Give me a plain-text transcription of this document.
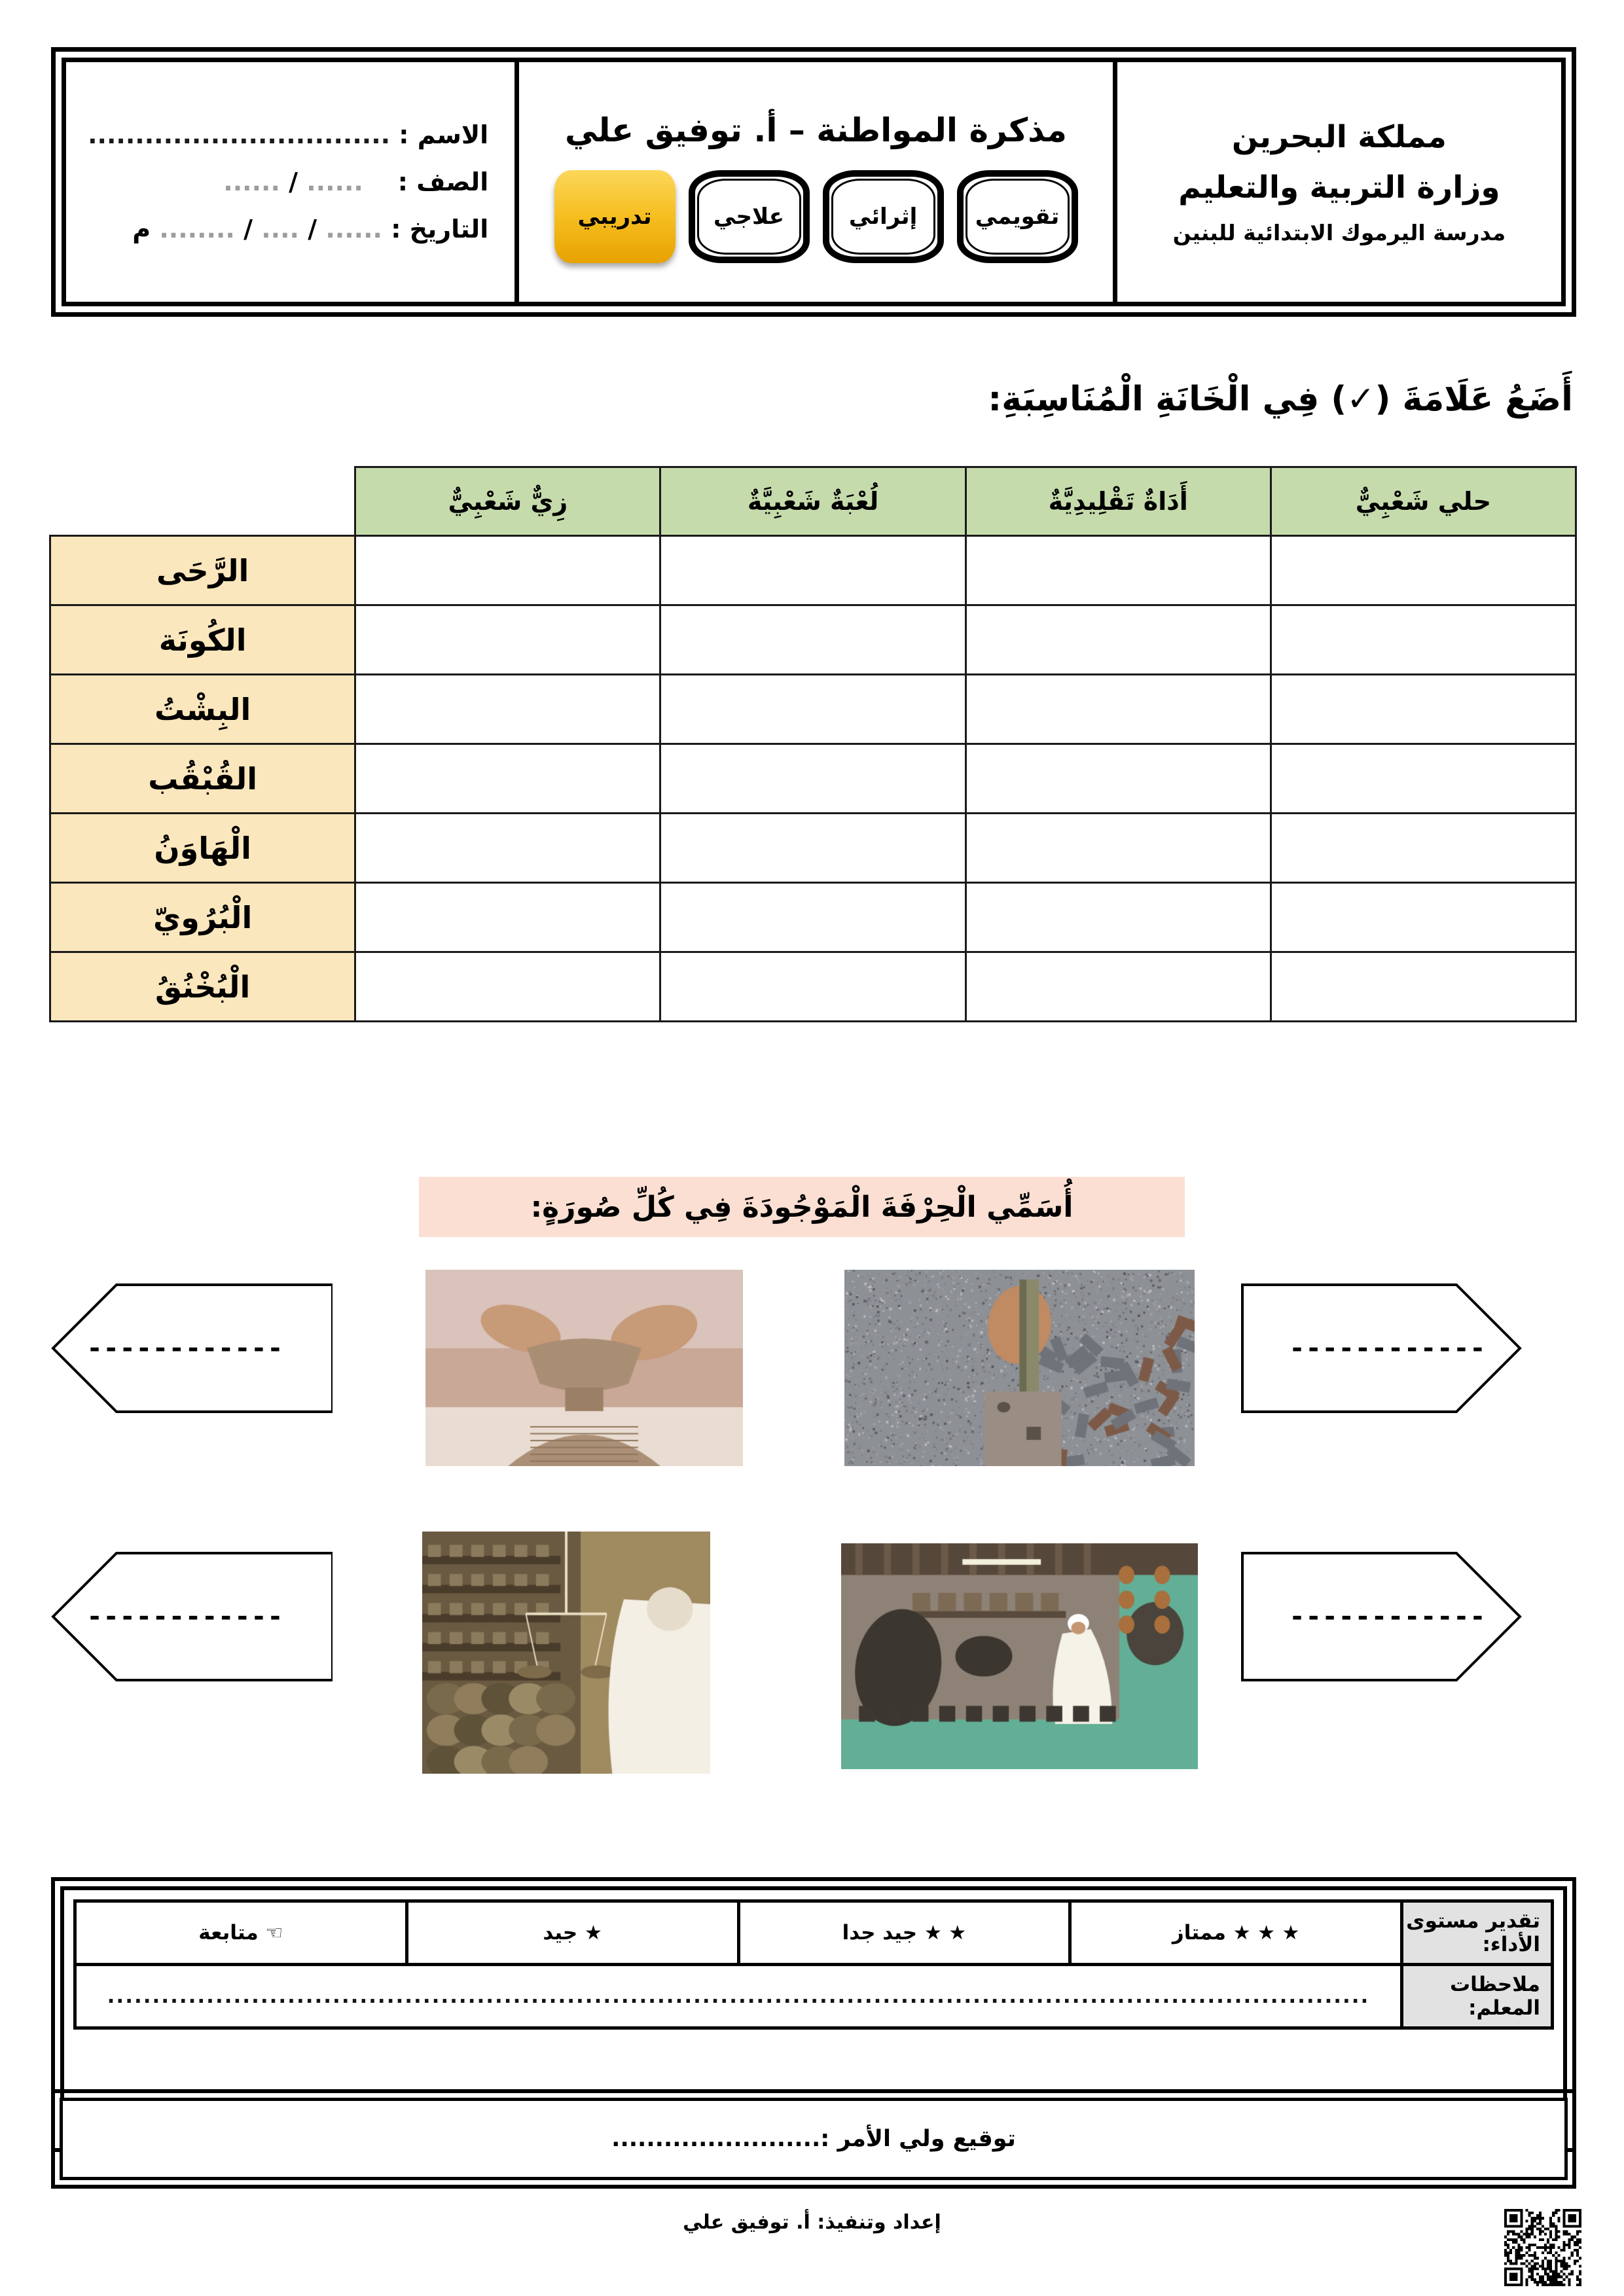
مملكة البحرين
وزارة التربية والتعليم
مدرسة اليرموك الابتدائية للبنين
مذكرة المواطنة – أ. توفيق علي
تقويمي
إثرائي
علاجي
تدريبي
الاسم : ................................
الصف :    ...... / ......
التاريخ : ...... / .... / ........ م
أَضَعُ عَلَامَةَ (✓) فِي الْخَانَةِ الْمُنَاسِبَةِ:
حلي شَعْبِيٌّ	أَدَاةٌ تَقْلِيدِيَّةٌ	لُعْبَةٌ شَعْبِيَّةٌ	زِيٌّ شَعْبِيٌّ	
				الرَّحَى
				الكُونَة
				البِشْتُ
				القُبْقُب
				الْهَاوَنُ
				الْبُرُويّ
				الْبُخْنُقُ
أُسَمِّي الْحِرْفَةَ الْمَوْجُودَةَ فِي كُلِّ صُورَةٍ:
------------	------------
------------	------------
تقدير مستوى الأداء:	★ ★ ★ ممتاز	★ ★ جيد جدا	★ جيد	☜ متابعة
ملاحظات المعلم:	............................................................................................................................................			
توقيع ولي الأمر :
........................
إعداد وتنفيذ: أ. توفيق علي
